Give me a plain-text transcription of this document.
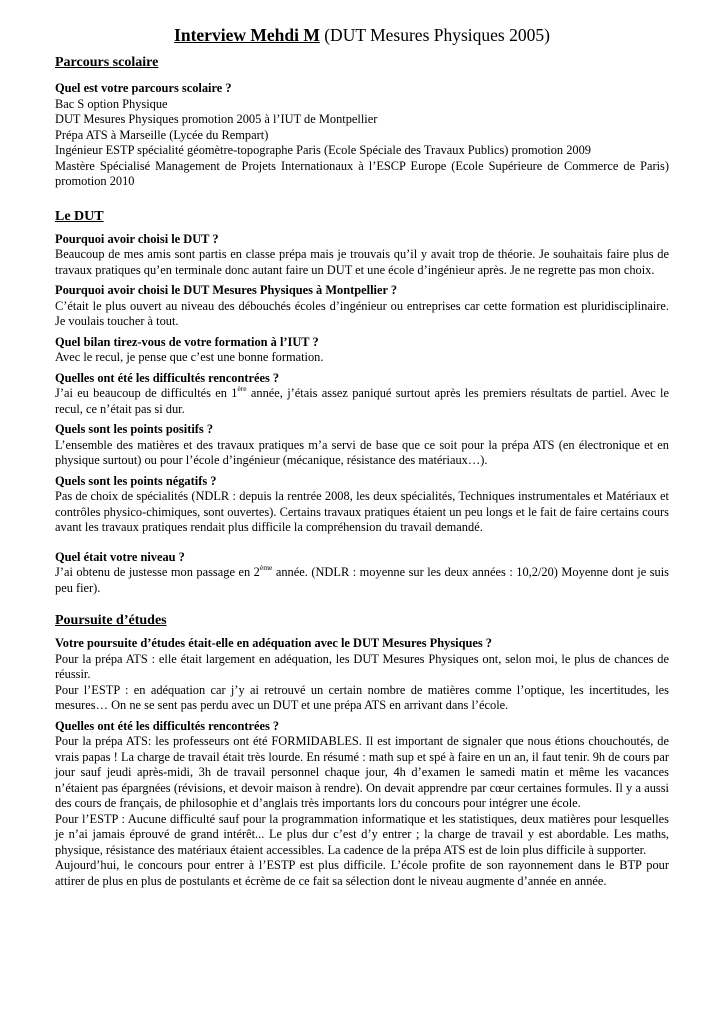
Interview Mehdi M (DUT Mesures Physiques 2005)

Parcours scolaire

Quel est votre parcours scolaire ?

Bac S option Physique

DUT Mesures Physiques promotion 2005 à l’IUT de Montpellier

Prépa ATS à Marseille (Lycée du Rempart)

Ingénieur ESTP spécialité géomètre-topographe Paris (Ecole Spéciale des Travaux Publics) promotion 2009

Mastère Spécialisé Management de Projets Internationaux à l’ESCP Europe (Ecole Supérieure de Commerce de Paris) promotion 2010

Le DUT

Pourquoi avoir choisi le DUT ?

Beaucoup de mes amis sont partis en classe prépa mais je trouvais qu’il y avait trop de théorie. Je souhaitais faire plus de travaux pratiques qu’en terminale donc autant faire un DUT et une école d’ingénieur après. Je ne regrette pas mon choix.

Pourquoi avoir choisi le DUT Mesures Physiques à Montpellier ?

C’était le plus ouvert au niveau des débouchés écoles d’ingénieur ou entreprises car cette formation est pluridisciplinaire. Je voulais toucher à tout.

Quel bilan tirez-vous de votre formation à l’IUT ?

Avec le recul, je pense que c’est une bonne formation.

Quelles ont été les difficultés rencontrées ?

J’ai eu beaucoup de difficultés en 1ère année, j’étais assez paniqué surtout après les premiers résultats de partiel. Avec le recul, ce n’était pas si dur.

Quels sont les points positifs ?

L’ensemble des matières et des travaux pratiques m’a servi de base que ce soit pour la prépa ATS (en électronique et en physique surtout) ou pour l’école d’ingénieur (mécanique, résistance des matériaux…).

Quels sont les points négatifs ?

Pas de choix de spécialités (NDLR : depuis la rentrée 2008, les deux spécialités, Techniques instrumentales et Matériaux et contrôles physico-chimiques, sont ouvertes). Certains travaux pratiques étaient un peu longs et le fait de faire certains cours avant les travaux pratiques rendait plus difficile la compréhension du travail demandé.

Quel était votre niveau ?

J’ai obtenu de justesse mon passage en 2ème année. (NDLR : moyenne sur les deux années : 10,2/20) Moyenne dont je suis peu fier).

Poursuite d’études

Votre poursuite d’études était-elle en adéquation avec le DUT Mesures Physiques ?

Pour la prépa ATS : elle était largement en adéquation, les DUT Mesures Physiques ont, selon moi, le plus de chances de réussir.

Pour l’ESTP : en adéquation car j’y ai retrouvé un certain nombre de matières comme l’optique, les incertitudes, les mesures… On ne se sent pas perdu avec un DUT et une prépa ATS en arrivant dans l’école.

Quelles ont été les difficultés rencontrées ?

Pour la prépa ATS: les professeurs ont été FORMIDABLES. Il est important de signaler que nous étions chouchoutés, de vrais papas ! La charge de travail était très lourde. En résumé : math sup et spé à faire en un an, il faut tenir. 9h de cours par jour sauf jeudi après-midi, 3h de travail personnel chaque jour, 4h d’examen le samedi matin et même les vacances n’étaient pas épargnées (révisions, et devoir maison à rendre). On devait apprendre par cœur certaines formules. Il y a aussi des cours de français, de philosophie et d’anglais très importants lors du concours pour intégrer une école.

Pour l’ESTP : Aucune difficulté sauf pour la programmation informatique et les statistiques, deux matières pour lesquelles je n’ai jamais éprouvé de grand intérêt... Le plus dur c’est d’y entrer ; la charge de travail y est abordable. Les maths, physique, résistance des matériaux étaient accessibles. La cadence de la prépa ATS est de loin plus difficile à supporter.

Aujourd’hui, le concours pour entrer à l’ESTP est plus difficile. L’école profite de son rayonnement dans le BTP pour attirer de plus en plus de postulants et écrème de ce fait sa sélection dont le niveau augmente d’année en année.
